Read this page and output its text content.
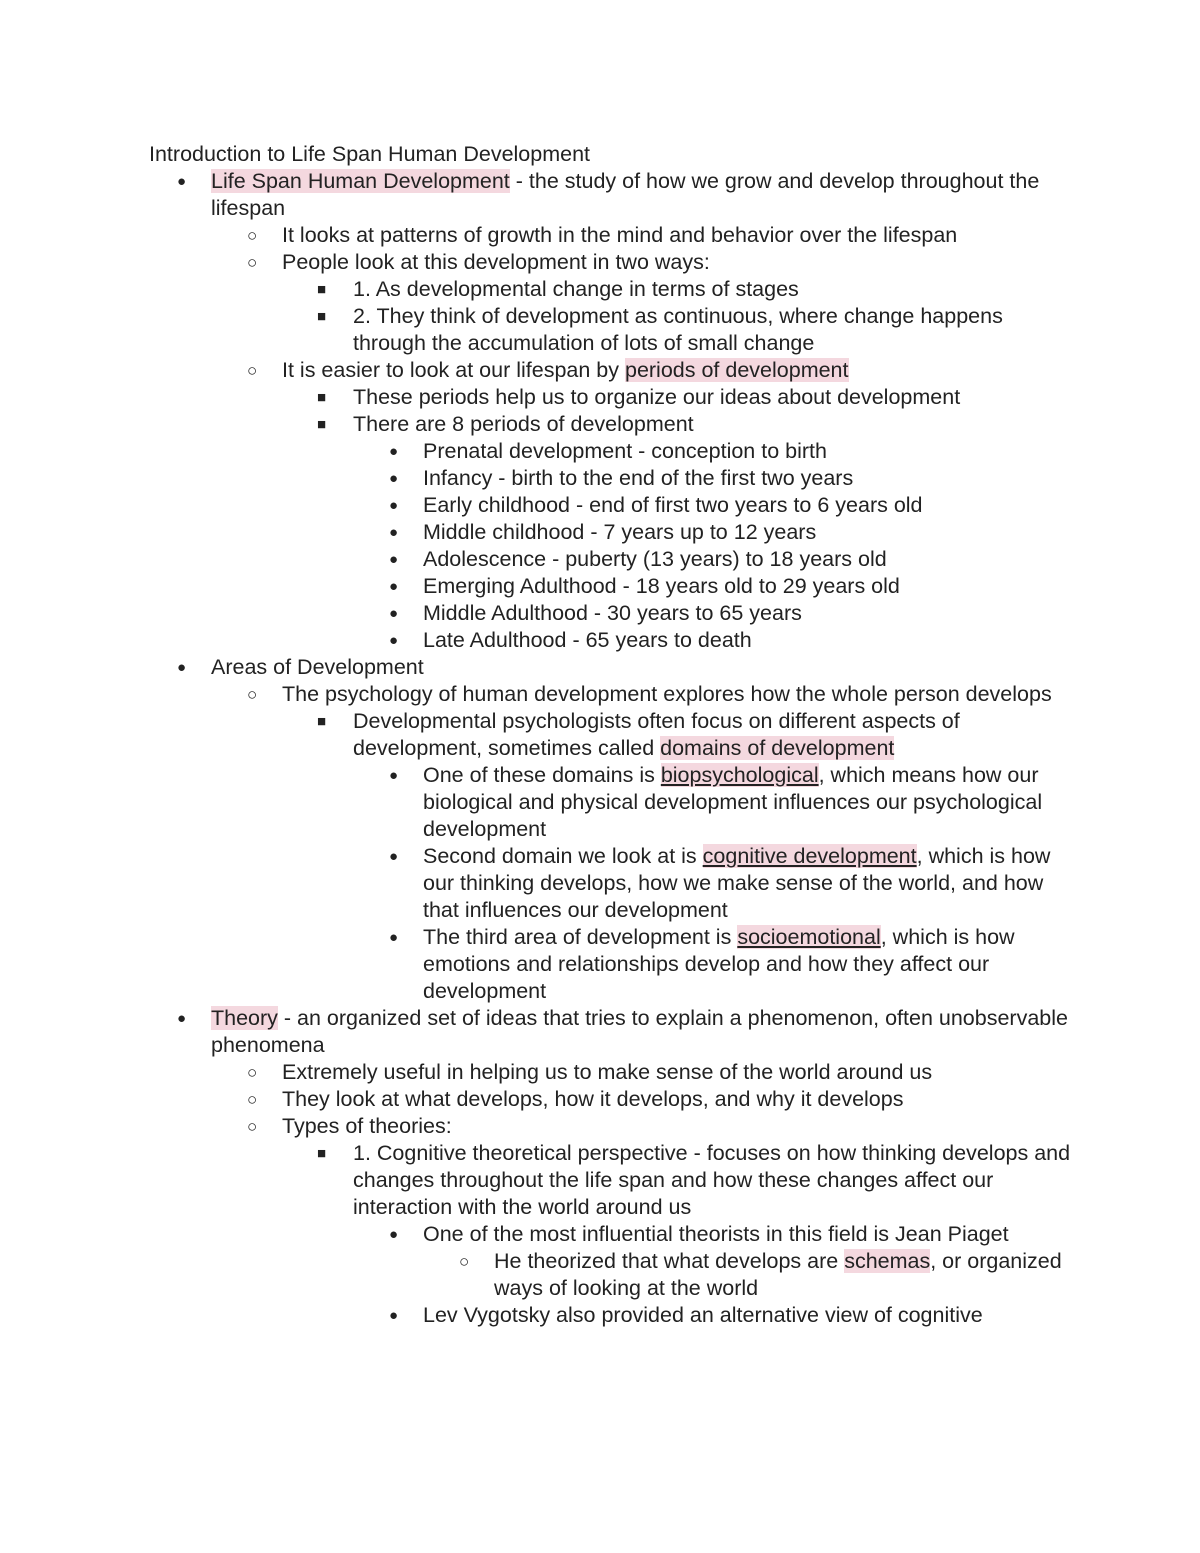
Introduction to Life Span Human Development

● Life Span Human Development - the study of how we grow and develop throughout the lifespan

○ It looks at patterns of growth in the mind and behavior over the lifespan

○ People look at this development in two ways:

■ 1. As developmental change in terms of stages

■ 2. They think of development as continuous, where change happens through the accumulation of lots of small change

○ It is easier to look at our lifespan by periods of development

■ These periods help us to organize our ideas about development

■ There are 8 periods of development

● Prenatal development - conception to birth

● Infancy - birth to the end of the first two years

● Early childhood - end of first two years to 6 years old

● Middle childhood - 7 years up to 12 years

● Adolescence - puberty (13 years) to 18 years old

● Emerging Adulthood - 18 years old to 29 years old

● Middle Adulthood - 30 years to 65 years

● Late Adulthood - 65 years to death

● Areas of Development

○ The psychology of human development explores how the whole person develops

■ Developmental psychologists often focus on different aspects of development, sometimes called domains of development

● One of these domains is biopsychological, which means how our biological and physical development influences our psychological development

● Second domain we look at is cognitive development, which is how our thinking develops, how we make sense of the world, and how that influences our development

● The third area of development is socioemotional, which is how emotions and relationships develop and how they affect our development

● Theory - an organized set of ideas that tries to explain a phenomenon, often unobservable phenomena

○ Extremely useful in helping us to make sense of the world around us

○ They look at what develops, how it develops, and why it develops

○ Types of theories:

■ 1. Cognitive theoretical perspective - focuses on how thinking develops and changes throughout the life span and how these changes affect our interaction with the world around us

● One of the most influential theorists in this field is Jean Piaget

○ He theorized that what develops are schemas, or organized ways of looking at the world

● Lev Vygotsky also provided an alternative view of cognitive
